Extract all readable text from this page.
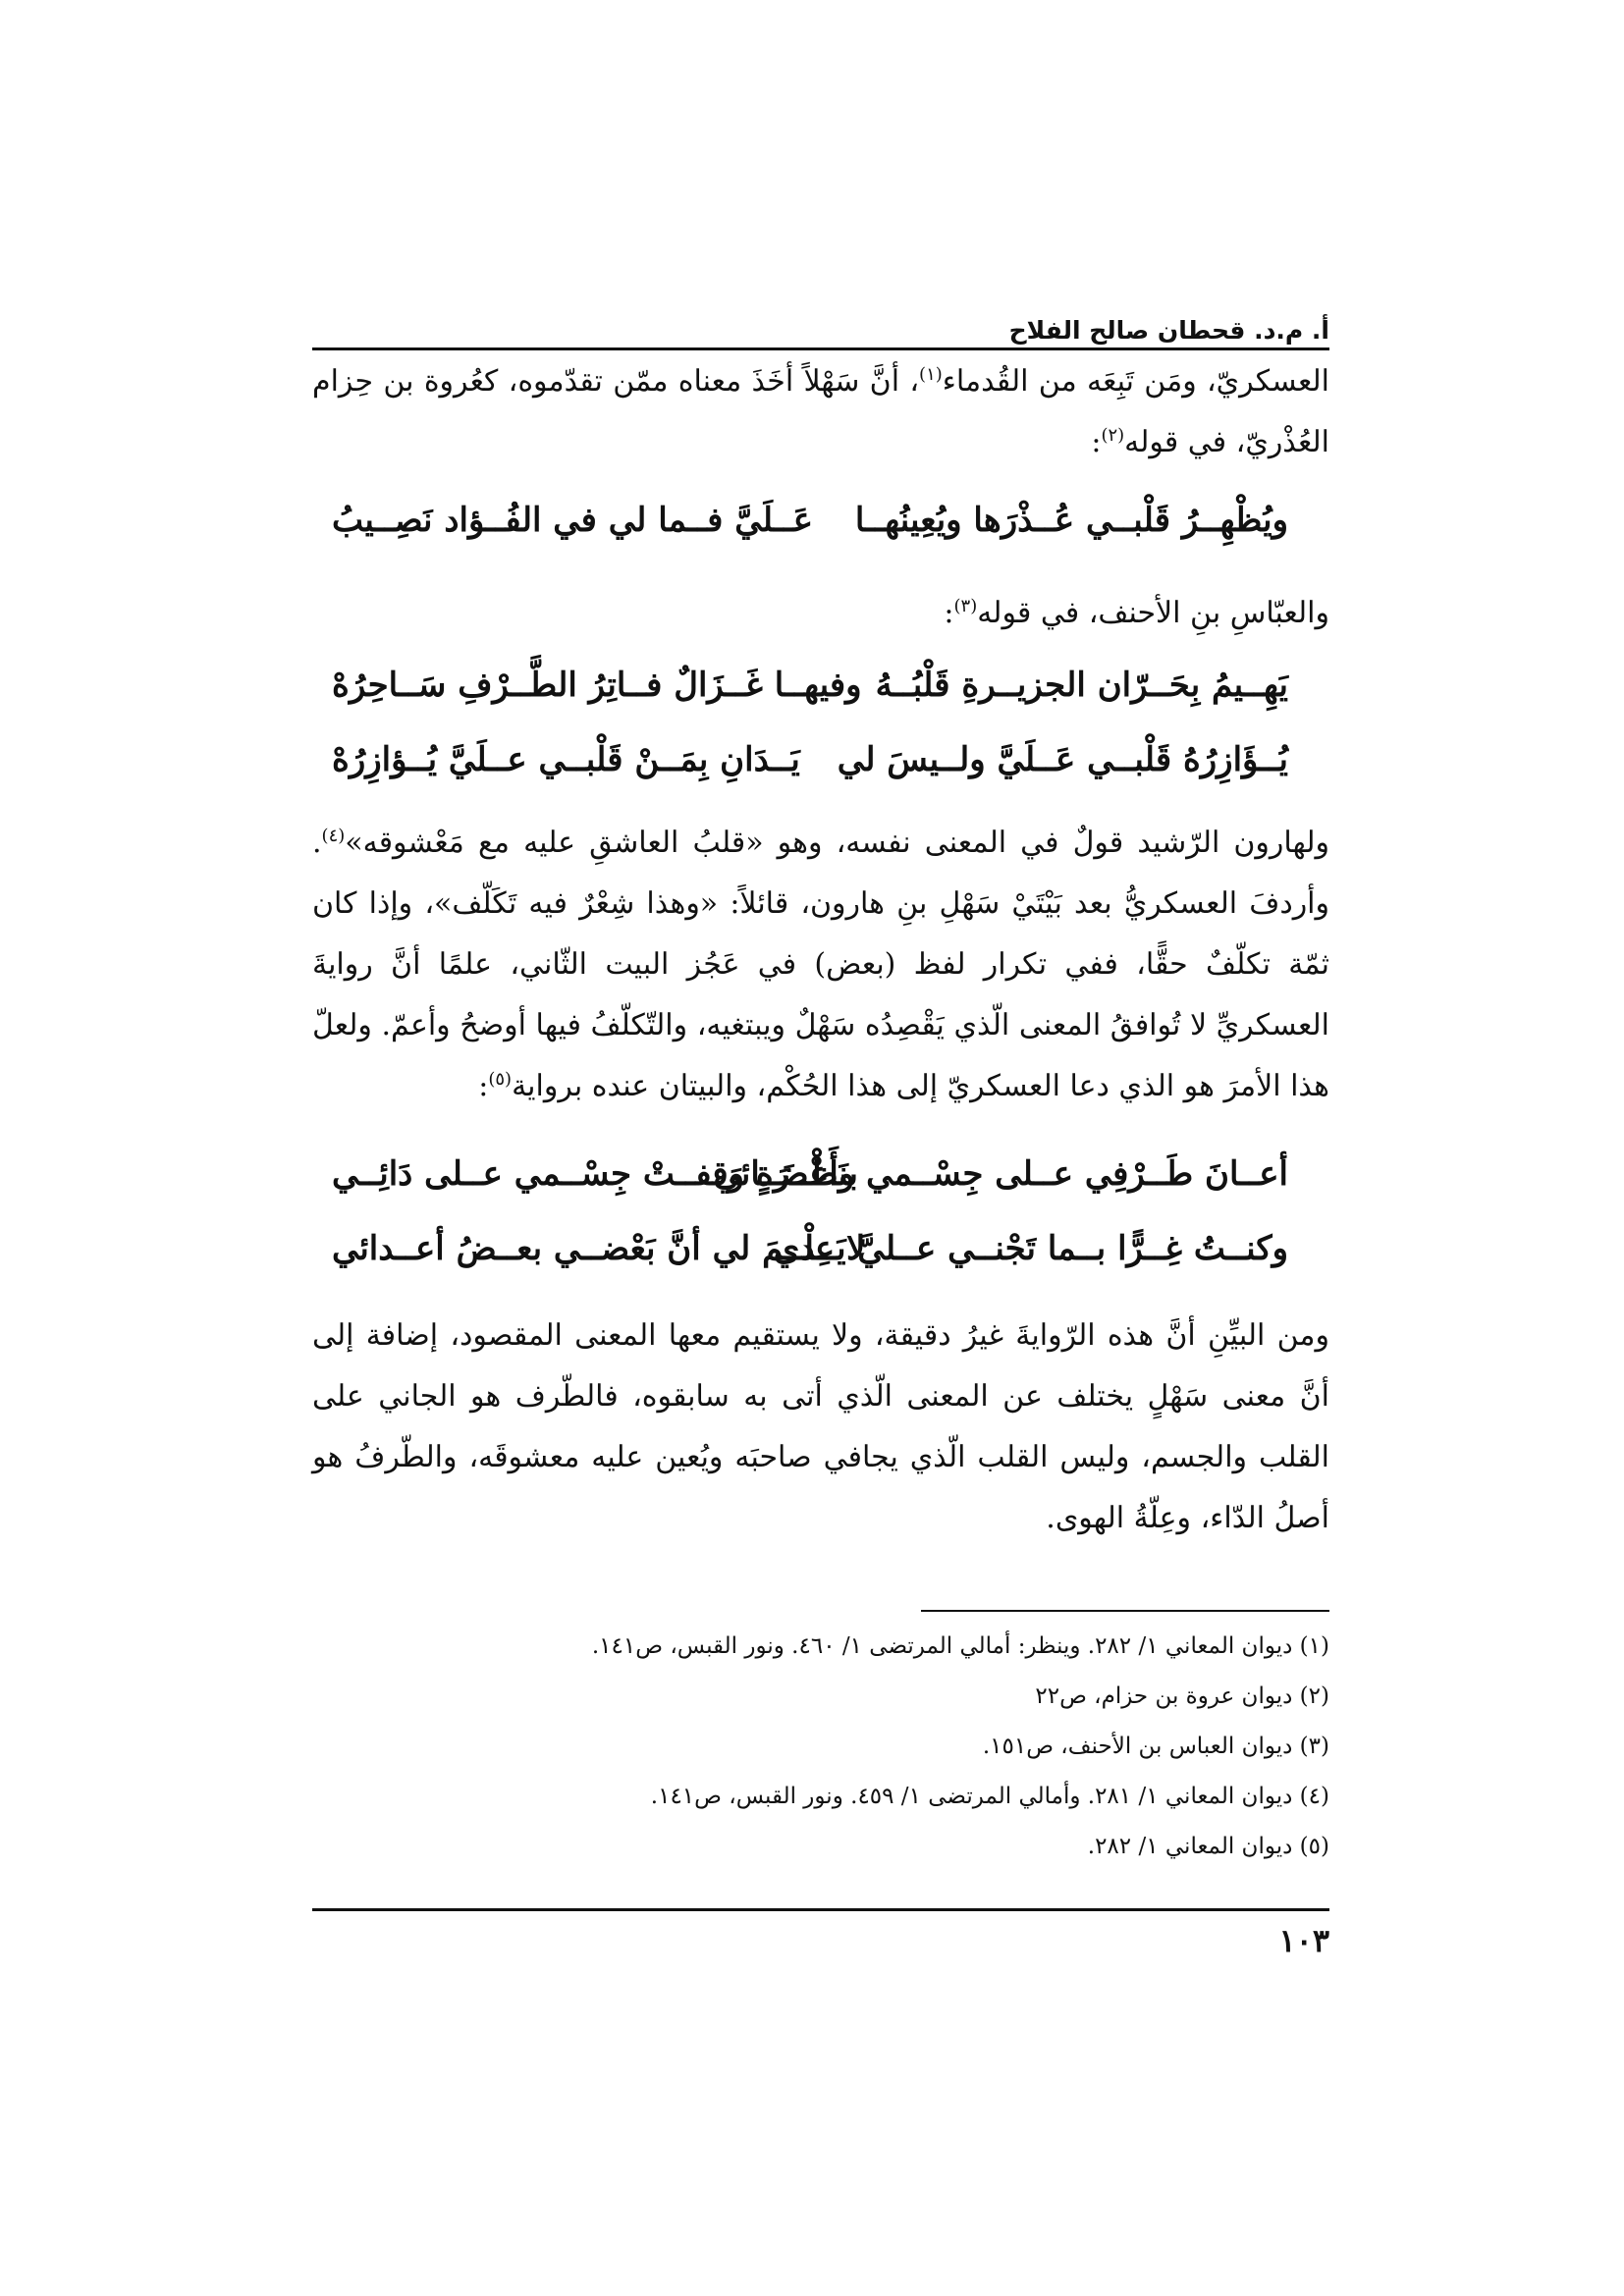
أ. م.د. قحطان صالح الفلاح

العسكريّ، ومَن تَبِعَه من القُدماء$^{(١)}$، أنَّ سَهْلاً أخَذَ معناه ممّن تقدّموه، كعُروة بن حِزام العُذْريّ، في قوله$^{(٢)}$:

ويُظْهِــرُ قَلْبــي عُــذْرَها ويُعِينُهــا
عَــلَيَّ فــما لي في الفُــؤاد نَصِــيبُ

والعبّاسِ بنِ الأحنف، في قوله$^{(٣)}$:

يَهِــيمُ بِحَــرّان الجزيــرةِ قَلْبُــهُ
وفيهــا غَــزَالٌ فــاتِرُ الطَّــرْفِ سَــاحِرُهْ
يُــؤَازِرُهُ قَلْبــي عَــلَيَّ ولــيسَ لي
يَــدَانِ بِمَــنْ قَلْبــي عــلَيَّ يُــؤازِرُهْ

ولهارون الرّشيد قولٌ في المعنى نفسه، وهو «قلبُ العاشقِ عليه مع مَعْشوقه»$^{(٤)}$. وأردفَ العسكريُّ بعد بَيْتَيْ سَهْلِ بنِ هارون، قائلاً: «وهذا شِعْرٌ فيه تَكَلّف»، وإذا كان ثمّة تكلّفٌ حقًّا، ففي تكرار لفظ (بعض) في عَجُز البيت الثّاني، علمًا أنَّ روايةَ العسكريِّ لا تُوافقُ المعنى الّذي يَقْصِدُه سَهْلٌ ويبتغيه، والتّكلّفُ فيها أوضحُ وأعمّ. ولعلّ هذا الأمرَ هو الذي دعا العسكريّ إلى هذا الحُكْم، والبيتان عنده برواية$^{(٥)}$:

أعــانَ طَــرْفِي عــلى جِسْــمي وأَعْضَــائي
بنَظْــرَةٍ وَقفــتْ جِسْــمي عــلى دَائِــي
وكنــتُ غِــرًّا بــما تَجْنــي عــليَّ يَــدي
لا عِلْــمَ لي أنَّ بَعْضــي بعــضُ أعــدائي

ومن البيِّنِ أنَّ هذه الرّوايةَ غيرُ دقيقة، ولا يستقيم معها المعنى المقصود، إضافة إلى أنَّ معنى سَهْلٍ يختلف عن المعنى الّذي أتى به سابقوه، فالطّرف هو الجاني على القلب والجسم، وليس القلب الّذي يجافي صاحبَه ويُعين عليه معشوقَه، والطّرفُ هو أصلُ الدّاء، وعِلّةُ الهوى.

(١) ديوان المعاني ١/ ٢٨٢. وينظر: أمالي المرتضى ١/ ٤٦٠. ونور القبس، ص١٤١.
(٢) ديوان عروة بن حزام، ص٢٢
(٣) ديوان العباس بن الأحنف، ص١٥١.
(٤) ديوان المعاني ١/ ٢٨١. وأمالي المرتضى ١/ ٤٥٩. ونور القبس، ص١٤١.
(٥) ديوان المعاني ١/ ٢٨٢.
١٠٣
